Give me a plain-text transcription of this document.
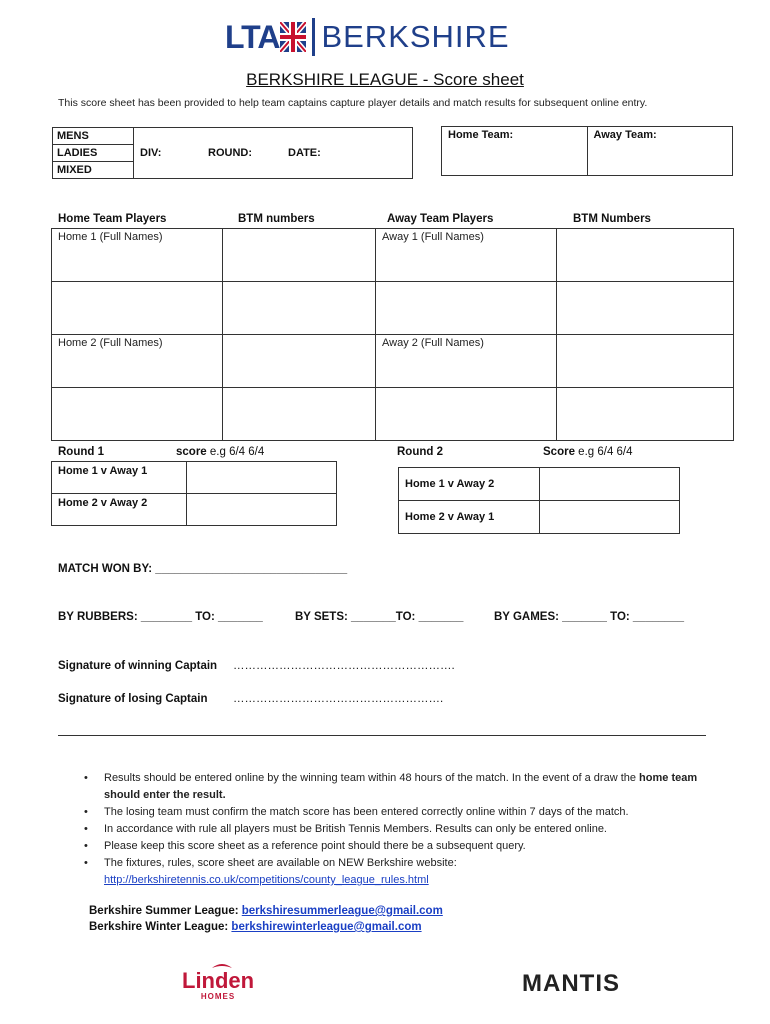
LTA BERKSHIRE
BERKSHIRE LEAGUE - Score sheet
This score sheet has been provided to help team captains capture player details and match results for subsequent online entry.
MENS	DIV:	ROUND:	DATE:
LADIES
MIXED
Home Team:	Away Team:
Home Team Players	BTM numbers	Away Team Players	BTM Numbers
Home 1 (Full Names)		Away 1 (Full Names)	

Home 2 (Full Names)		Away 2 (Full Names)	

Round 1	score e.g 6/4 6/4	Round 2	Score e.g 6/4 6/4
Home 1 v Away 1	
Home 2 v Away 2	
Home 1 v Away 2	
Home 2 v Away 1	
MATCH WON BY: ______________________________
BY RUBBERS: ________ TO: _______	BY SETS: _______TO: _______	BY GAMES: _______ TO: ________
Signature of winning Captain ………………………………………………….
Signature of losing Captain ……………………………………………….
• Results should be entered online by the winning team within 48 hours of the match. In the event of a draw the home team should enter the result.
• The losing team must confirm the match score has been entered correctly online within 7 days of the match.
• In accordance with rule all players must be British Tennis Members. Results can only be entered online.
• Please keep this score sheet as a reference point should there be a subsequent query.
• The fixtures, rules, score sheet are available on NEW Berkshire website:
http://berkshiretennis.co.uk/competitions/county_league_rules.html
Berkshire Summer League: berkshiresummerleague@gmail.com
Berkshire Winter League: berkshirewinterleague@gmail.com
Linden
HOMES	MANTIS
